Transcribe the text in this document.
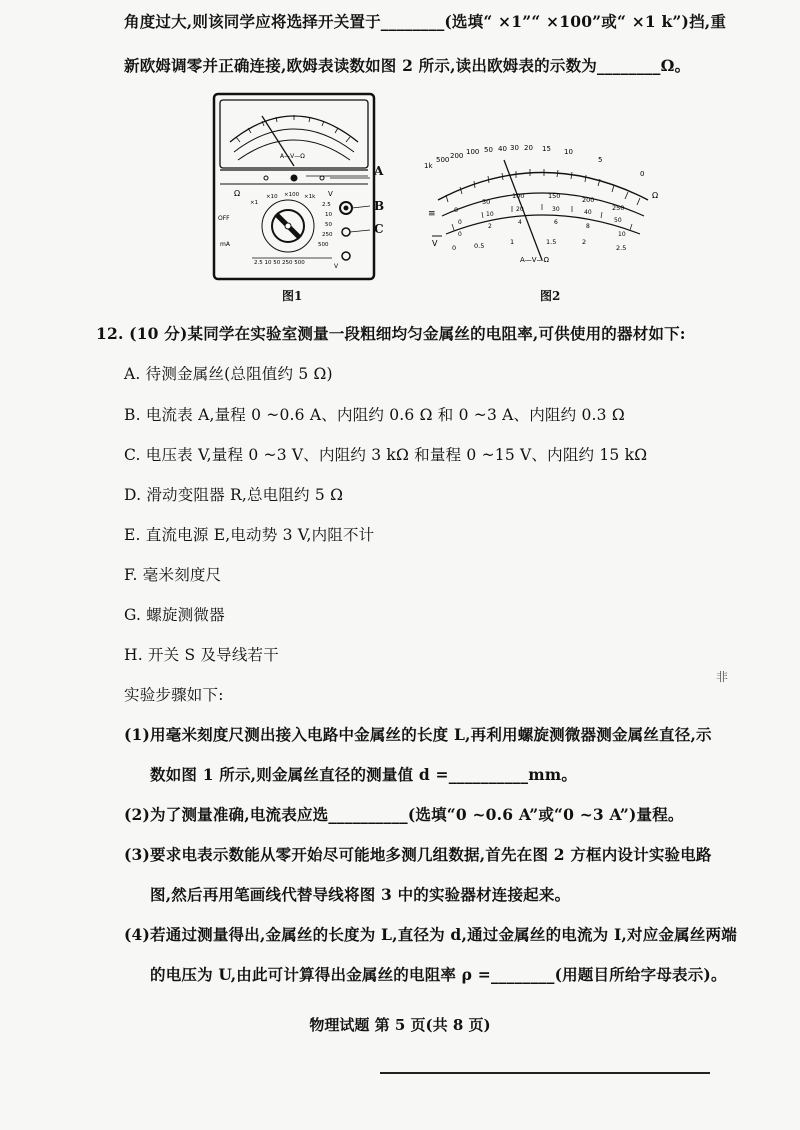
角度过大,则该同学应将选择开关置于________(选填“ ×1”“ ×100”或“ ×1 k”)挡,重
新欧姆调零并正确连接,欧姆表读数如图 2 所示,读出欧姆表的示数为________Ω。
A—V—Ω
Ω
OFF
mA
V
×1
×10 ×100 ×1k
2.5
10
50
250
500
2.5 10 50 250 500	V
A
B
C
图1
1k
500 200 100 50 40 30 20 15 10
5
0
Ω
0
50
100	150	200
250
0
10
20	30	40
50
0
2
4	6
8
10
0	0.5	1	1.5	2
2.5
≡
V
A—V—Ω
图2
12. (10 分)某同学在实验室测量一段粗细均匀金属丝的电阻率,可供使用的器材如下:
A. 待测金属丝(总阻值约 5 Ω)
B. 电流表 A,量程 0 ~0.6 A、内阻约 0.6 Ω 和 0 ~3 A、内阻约 0.3 Ω
C. 电压表 V,量程 0 ~3 V、内阻约 3 kΩ 和量程 0 ~15 V、内阻约 15 kΩ
D. 滑动变阻器 R,总电阻约 5 Ω
E. 直流电源 E,电动势 3 V,内阻不计
F. 毫米刻度尺
G. 螺旋测微器
H. 开关 S 及导线若干
实验步骤如下:
(1)用毫米刻度尺测出接入电路中金属丝的长度 L,再利用螺旋测微器测金属丝直径,示
数如图 1 所示,则金属丝直径的测量值 d =__________mm。
(2)为了测量准确,电流表应选__________(选填“0 ~0.6 A”或“0 ~3 A”)量程。
(3)要求电表示数能从零开始尽可能地多测几组数据,首先在图 2 方框内设计实验电路
图,然后再用笔画线代替导线将图 3 中的实验器材连接起来。
(4)若通过测量得出,金属丝的长度为 L,直径为 d,通过金属丝的电流为 I,对应金属丝两端
的电压为 U,由此可计算得出金属丝的电阻率 ρ =________(用题目所给字母表示)。
非
物理试题 第 5 页(共 8 页)
